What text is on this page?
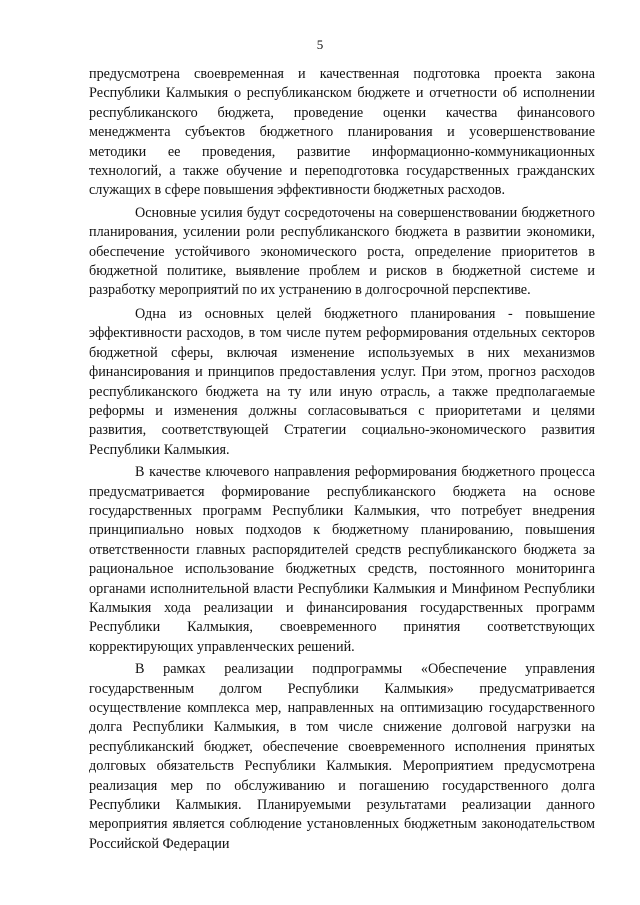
5

предусмотрена своевременная и качественная подготовка проекта закона Республики Калмыкия о республиканском бюджете и отчетности об исполнении республиканского бюджета, проведение оценки качества финансового менеджмента субъектов бюджетного планирования и усовершенствование методики ее проведения, развитие информационно-коммуникационных технологий, а также обучение и переподготовка государственных гражданских служащих в сфере повышения эффективности бюджетных расходов.

Основные усилия будут сосредоточены на совершенствовании бюджетного планирования, усилении роли республиканского бюджета в развитии экономики, обеспечение устойчивого экономического роста, определение приоритетов в бюджетной политике, выявление проблем и рисков в бюджетной системе и разработку мероприятий по их устранению в долгосрочной перспективе.

Одна из основных целей бюджетного планирования - повышение эффективности расходов, в том числе путем реформирования отдельных секторов бюджетной сферы, включая изменение используемых в них механизмов финансирования и принципов предоставления услуг. При этом, прогноз расходов республиканского бюджета на ту или иную отрасль, а также предполагаемые реформы и изменения должны согласовываться с приоритетами и целями развития, соответствующей Стратегии социально-экономического развития Республики Калмыкия.

В качестве ключевого направления реформирования бюджетного процесса предусматривается формирование республиканского бюджета на основе государственных программ Республики Калмыкия, что потребует внедрения принципиально новых подходов к бюджетному планированию, повышения ответственности главных распорядителей средств республиканского бюджета за рациональное использование бюджетных средств, постоянного мониторинга органами исполнительной власти Республики Калмыкия и Минфином Республики Калмыкия хода реализации и финансирования государственных программ Республики Калмыкия, своевременного принятия соответствующих корректирующих управленческих решений.

В рамках реализации подпрограммы «Обеспечение управления государственным долгом Республики Калмыкия» предусматривается осуществление комплекса мер, направленных на оптимизацию государственного долга Республики Калмыкия, в том числе снижение долговой нагрузки на республиканский бюджет, обеспечение своевременного исполнения принятых долговых обязательств Республики Калмыкия. Мероприятием предусмотрена реализация мер по обслуживанию и погашению государственного долга Республики Калмыкия. Планируемыми результатами реализации данного мероприятия является соблюдение установленных бюджетным законодательством Российской Федерации
